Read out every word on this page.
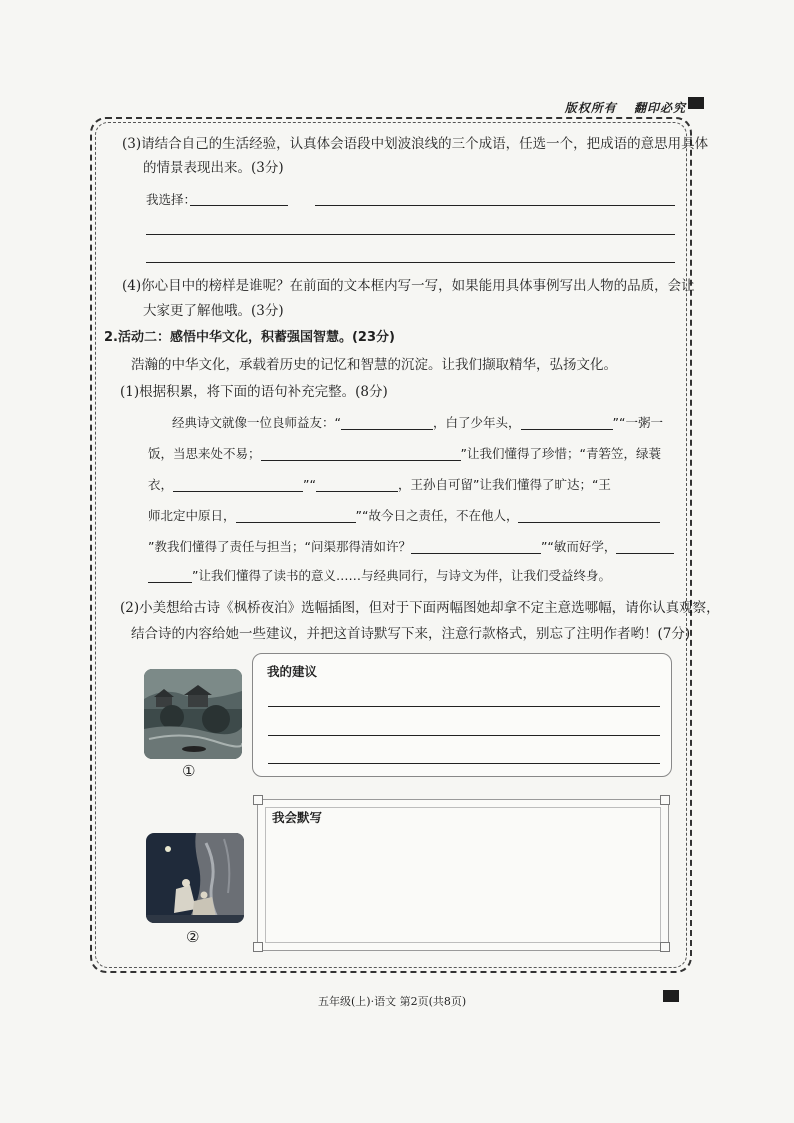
版权所有 翻印必究
(3)请结合自己的生活经验，认真体会语段中划波浪线的三个成语，任选一个，把成语的意思用具体
的情景表现出来。(3分)
我选择：
(4)你心目中的榜样是谁呢？在前面的文本框内写一写，如果能用具体事例写出人物的品质，会让
大家更了解他哦。(3分)
2.活动二：感悟中华文化，积蓄强国智慧。(23分)
浩瀚的中华文化，承载着历史的记忆和智慧的沉淀。让我们撷取精华，弘扬文化。
(1)根据积累，将下面的语句补充完整。(8分)
经典诗文就像一位良师益友：“	，白了少年头，	”“一粥一
饭，当思来处不易；	”让我们懂得了珍惜；“青箬笠，绿蓑
衣，	”“	，王孙自可留”让我们懂得了旷达；“王
师北定中原日，	”“故今日之责任，不在他人，
”教我们懂得了责任与担当；“问渠那得清如许？	”“敏而好学，
”让我们懂得了读书的意义……与经典同行，与诗文为伴，让我们受益终身。
(2)小美想给古诗《枫桥夜泊》选幅插图，但对于下面两幅图她却拿不定主意选哪幅，请你认真观察，
结合诗的内容给她一些建议，并把这首诗默写下来，注意行款格式，别忘了注明作者哟！(7分)
①
我的建议
②
我会默写
五年级(上)·语文 第2页(共8页)
